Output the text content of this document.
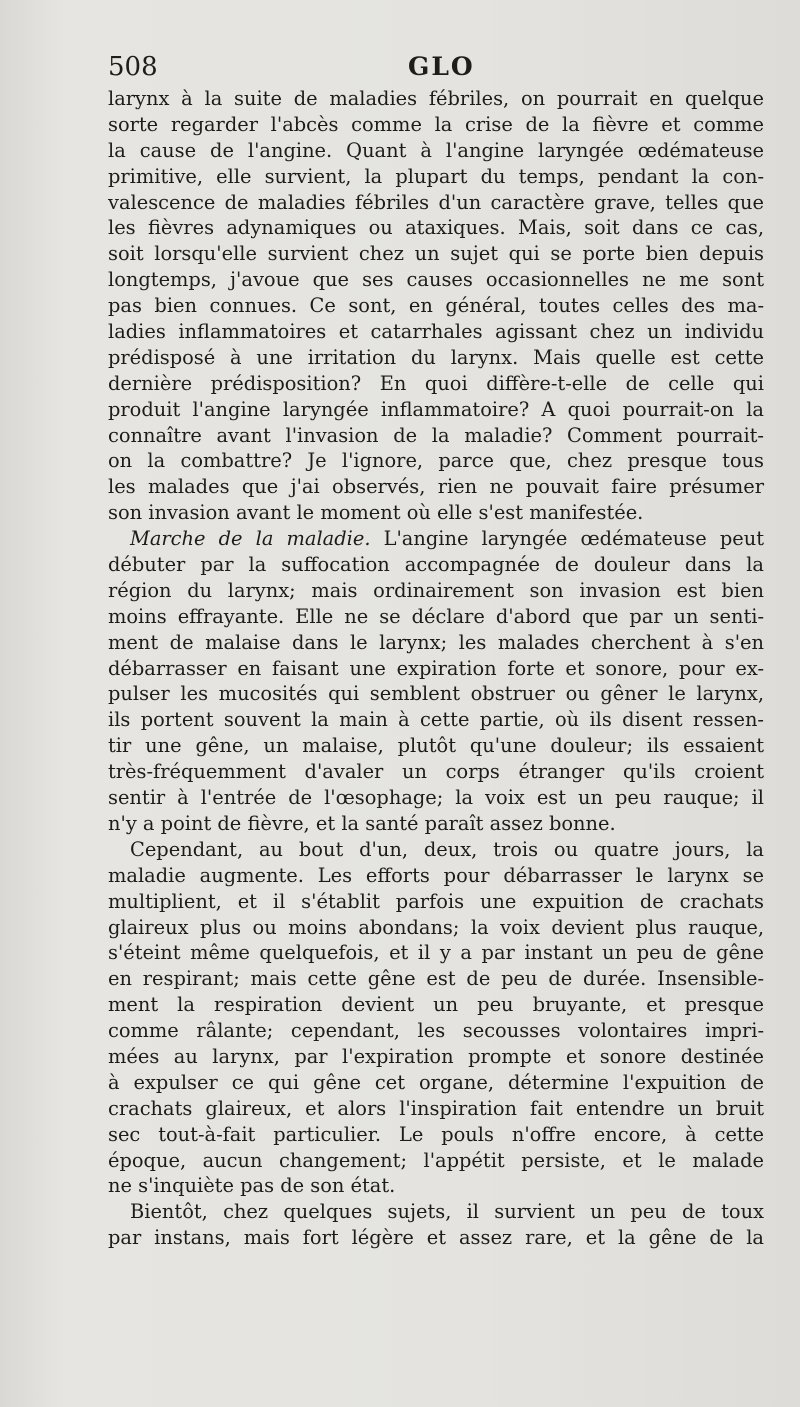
508	GLO
larynx à la suite de maladies fébriles, on pourrait en quelque
sorte regarder l'abcès comme la crise de la fièvre et comme
la cause de l'angine. Quant à l'angine laryngée œdémateuse
primitive, elle survient, la plupart du temps, pendant la con-
valescence de maladies fébriles d'un caractère grave, telles que
les fièvres adynamiques ou ataxiques. Mais, soit dans ce cas,
soit lorsqu'elle survient chez un sujet qui se porte bien depuis
longtemps, j'avoue que ses causes occasionnelles ne me sont
pas bien connues. Ce sont, en général, toutes celles des ma-
ladies inflammatoires et catarrhales agissant chez un individu
prédisposé à une irritation du larynx. Mais quelle est cette
dernière prédisposition? En quoi diffère-t-elle de celle qui
produit l'angine laryngée inflammatoire? A quoi pourrait-on la
connaître avant l'invasion de la maladie? Comment pourrait-
on la combattre? Je l'ignore, parce que, chez presque tous
les malades que j'ai observés, rien ne pouvait faire présumer
son invasion avant le moment où elle s'est manifestée.
Marche de la maladie. L'angine laryngée œdémateuse peut
débuter par la suffocation accompagnée de douleur dans la
région du larynx; mais ordinairement son invasion est bien
moins effrayante. Elle ne se déclare d'abord que par un senti-
ment de malaise dans le larynx; les malades cherchent à s'en
débarrasser en faisant une expiration forte et sonore, pour ex-
pulser les mucosités qui semblent obstruer ou gêner le larynx,
ils portent souvent la main à cette partie, où ils disent ressen-
tir une gêne, un malaise, plutôt qu'une douleur; ils essaient
très-fréquemment d'avaler un corps étranger qu'ils croient
sentir à l'entrée de l'œsophage; la voix est un peu rauque; il
n'y a point de fièvre, et la santé paraît assez bonne.
Cependant, au bout d'un, deux, trois ou quatre jours, la
maladie augmente. Les efforts pour débarrasser le larynx se
multiplient, et il s'établit parfois une expuition de crachats
glaireux plus ou moins abondans; la voix devient plus rauque,
s'éteint même quelquefois, et il y a par instant un peu de gêne
en respirant; mais cette gêne est de peu de durée. Insensible-
ment la respiration devient un peu bruyante, et presque
comme râlante; cependant, les secousses volontaires impri-
mées au larynx, par l'expiration prompte et sonore destinée
à expulser ce qui gêne cet organe, détermine l'expuition de
crachats glaireux, et alors l'inspiration fait entendre un bruit
sec tout-à-fait particulier. Le pouls n'offre encore, à cette
époque, aucun changement; l'appétit persiste, et le malade
ne s'inquiète pas de son état.
Bientôt, chez quelques sujets, il survient un peu de toux
par instans, mais fort légère et assez rare, et la gêne de la
